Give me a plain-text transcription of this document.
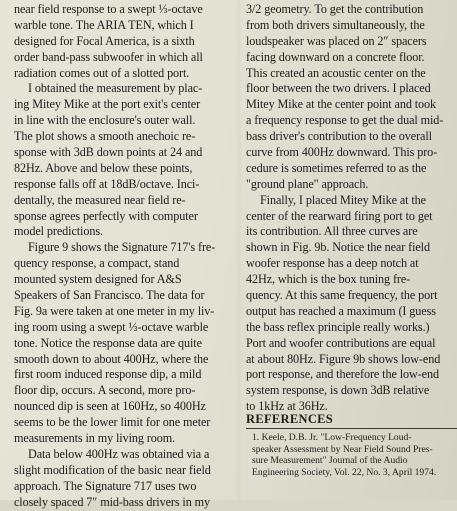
near field response to a swept ⅓-octave
warble tone. The ARIA TEN, which I
designed for Focal America, is a sixth
order band-pass subwoofer in which all
radiation comes out of a slotted port.
I obtained the measurement by plac-
ing Mitey Mike at the port exit's center
in line with the enclosure's outer wall.
The plot shows a smooth anechoic re-
sponse with 3dB down points at 24 and
82Hz. Above and below these points,
response falls off at 18dB/octave. Inci-
dentally, the measured near field re-
sponse agrees perfectly with computer
model predictions.
Figure 9 shows the Signature 717's fre-
quency response, a compact, stand
mounted system designed for A&S
Speakers of San Francisco. The data for
Fig. 9a were taken at one meter in my liv-
ing room using a swept ⅓-octave warble
tone. Notice the response data are quite
smooth down to about 400Hz, where the
first room induced response dip, a mild
floor dip, occurs. A second, more pro-
nounced dip is seen at 160Hz, so 400Hz
seems to be the lower limit for one meter
measurements in my living room.
Data below 400Hz was obtained via a
slight modification of the basic near field
approach. The Signature 717 uses two
closely spaced 7″ mid-bass drivers in my
3/2 geometry. To get the contribution
from both drivers simultaneously, the
loudspeaker was placed on 2″ spacers
facing downward on a concrete floor.
This created an acoustic center on the
floor between the two drivers. I placed
Mitey Mike at the center point and took
a frequency response to get the dual mid-
bass driver's contribution to the overall
curve from 400Hz downward. This pro-
cedure is sometimes referred to as the
"ground plane" approach.
Finally, I placed Mitey Mike at the
center of the rearward firing port to get
its contribution. All three curves are
shown in Fig. 9b. Notice the near field
woofer response has a deep notch at
42Hz, which is the box tuning fre-
quency. At this same frequency, the port
output has reached a maximum (I guess
the bass reflex principle really works.)
Port and woofer contributions are equal
at about 80Hz. Figure 9b shows low-end
port response, and therefore the low-end
system response, is down 3dB relative
to 1kHz at 36Hz.
REFERENCES
1. Keele, D.B. Jr. "Low-Frequency Loud-
speaker Assessment by Near Field Sound Pres-
sure Measurement" Journal of the Audio
Engineering Society, Vol. 22, No. 3, April 1974.
